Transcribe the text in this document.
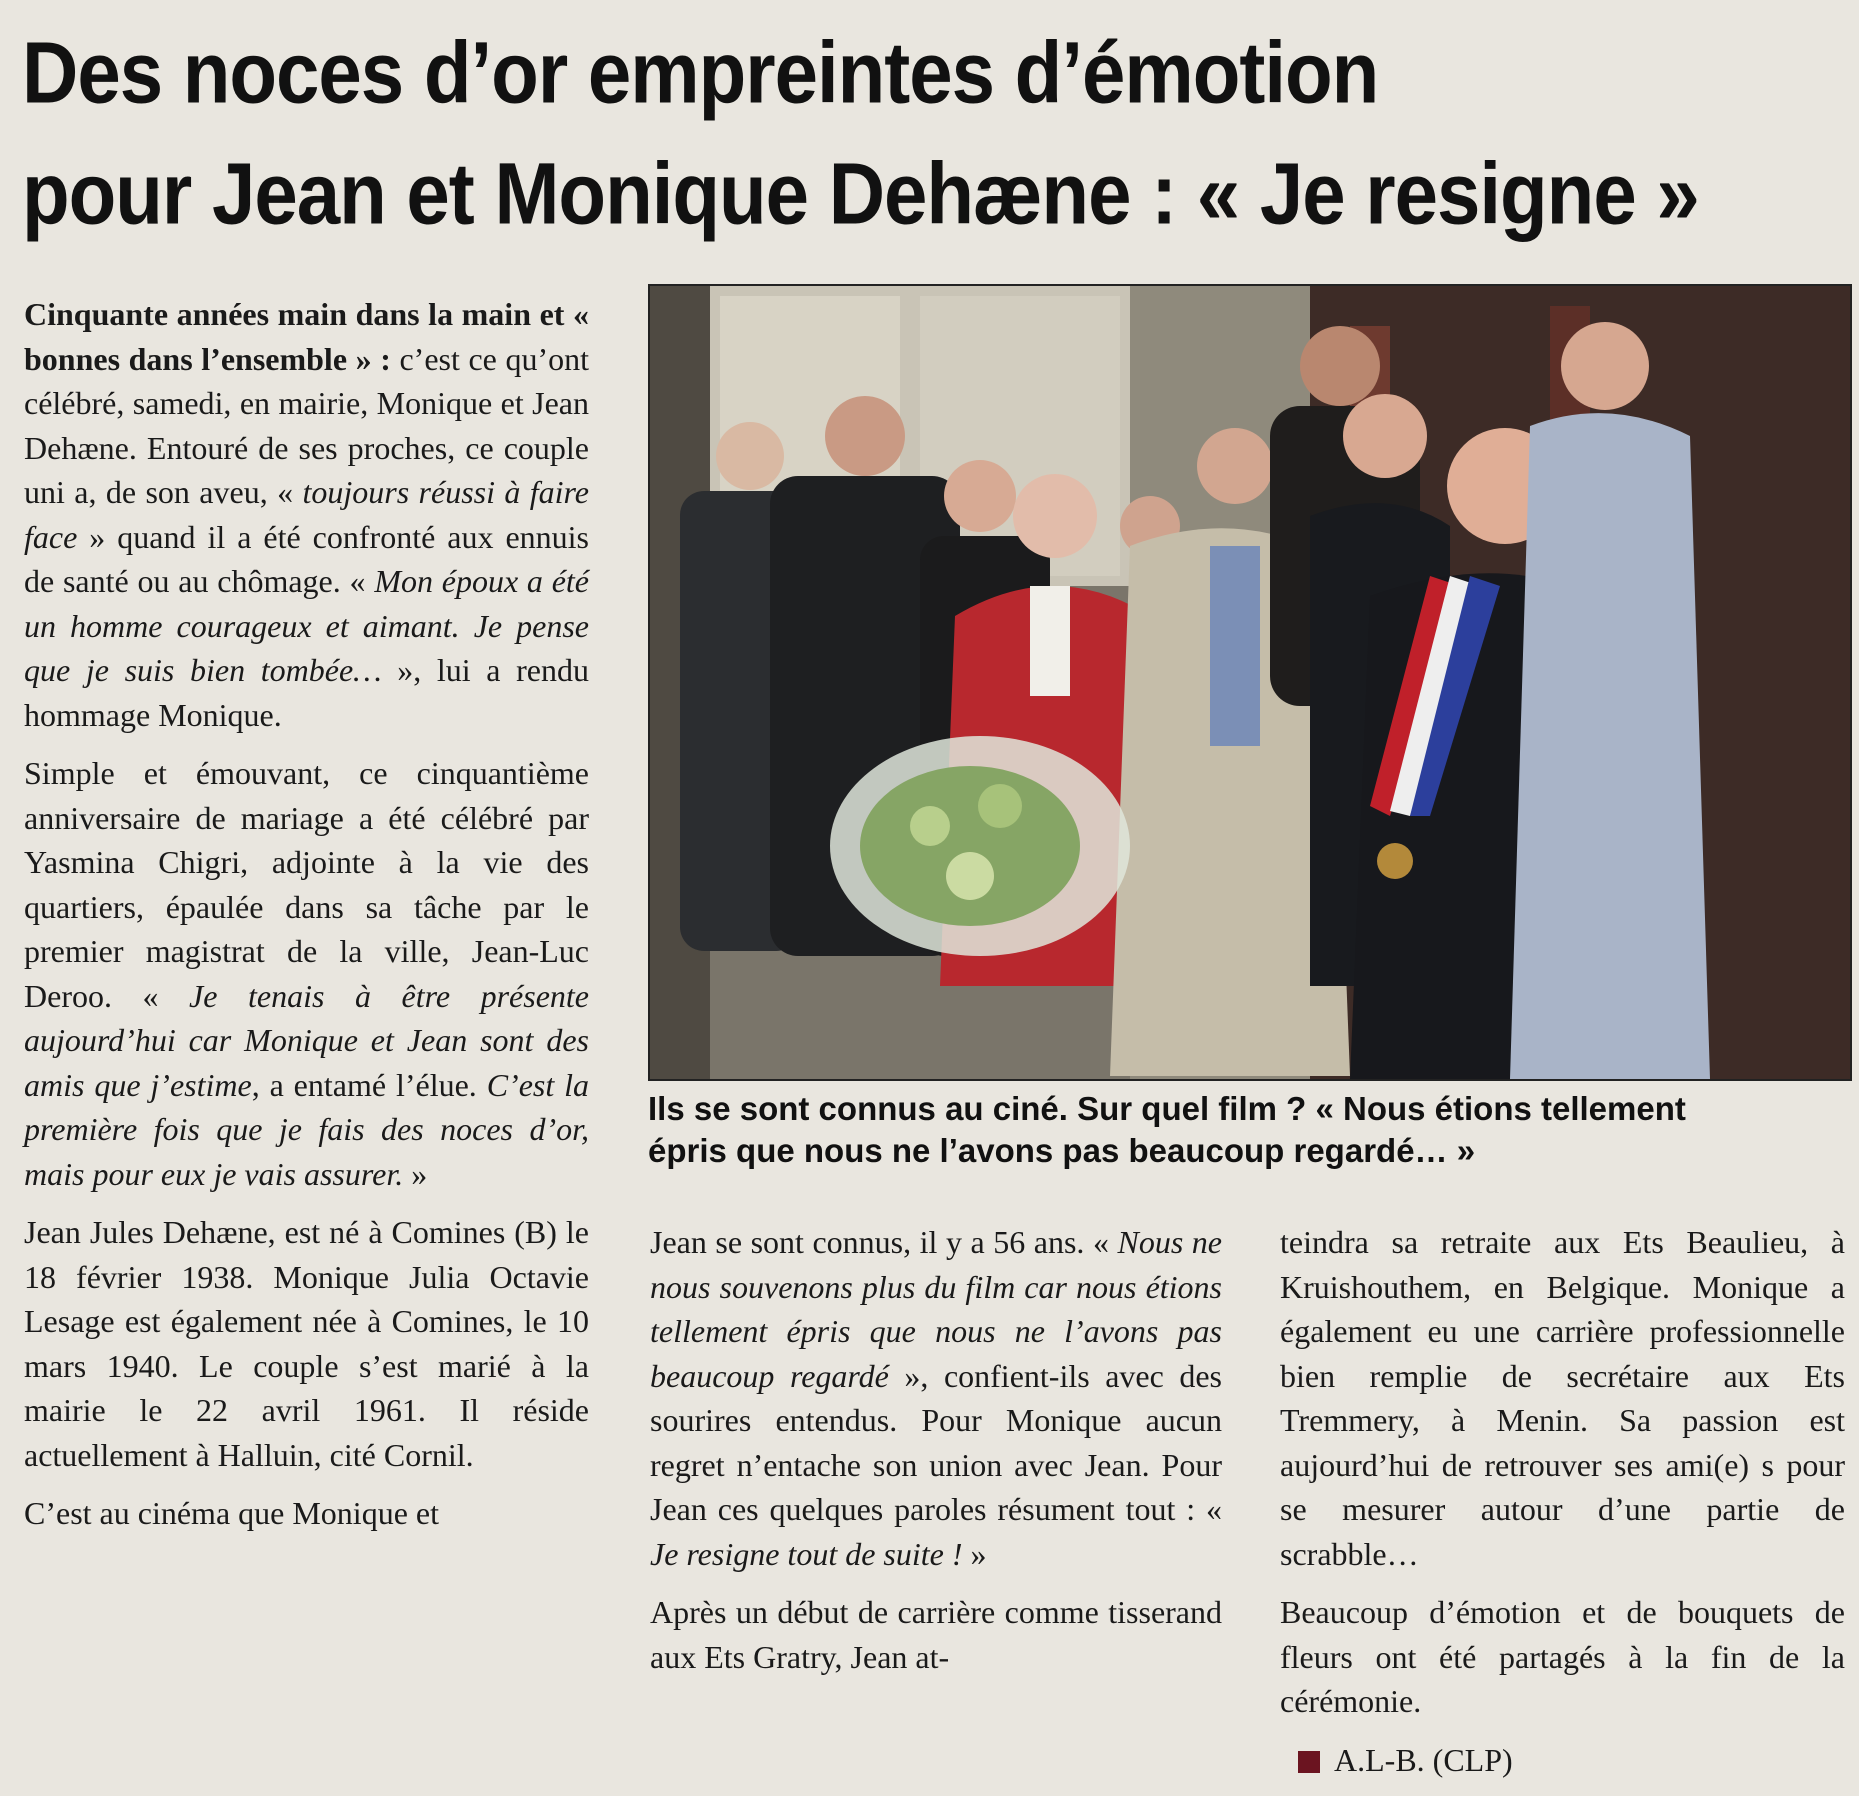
Des noces d’or empreintes d’émotion
pour Jean et Monique Dehæne : « Je resigne »

Cinquante années main dans la main et « bonnes dans l’ensemble » : c’est ce qu’ont célébré, samedi, en mairie, Monique et Jean Dehæne. Entouré de ses proches, ce couple uni a, de son aveu, « toujours réussi à faire face » quand il a été confronté aux ennuis de santé ou au chômage. « Mon époux a été un homme courageux et aimant. Je pense que je suis bien tombée… », lui a rendu hommage Monique.

Simple et émouvant, ce cinquantième anniversaire de mariage a été célébré par Yasmina Chigri, adjointe à la vie des quartiers, épaulée dans sa tâche par le premier magistrat de la ville, Jean-Luc Deroo. « Je tenais à être présente aujourd’hui car Monique et Jean sont des amis que j’estime, a entamé l’élue. C’est la première fois que je fais des noces d’or, mais pour eux je vais assurer. »

Jean Jules Dehæne, est né à Comines (B) le 18 février 1938. Monique Julia Octavie Lesage est également née à Comines, le 10 mars 1940. Le couple s’est marié à la mairie le 22 avril 1961. Il réside actuellement à Halluin, cité Cornil.

C’est au cinéma que Monique et

Ils se sont connus au ciné. Sur quel film ? « Nous étions tellement
épris que nous ne l’avons pas beaucoup regardé… »

Jean se sont connus, il y a 56 ans. « Nous ne nous souvenons plus du film car nous étions tellement épris que nous ne l’avons pas beaucoup regardé », confient-ils avec des sourires entendus. Pour Monique aucun regret n’entache son union avec Jean. Pour Jean ces quelques paroles résument tout : « Je resigne tout de suite ! »

Après un début de carrière comme tisserand aux Ets Gratry, Jean at-

teindra sa retraite aux Ets Beaulieu, à Kruishouthem, en Belgique. Monique a également eu une carrière professionnelle bien remplie de secrétaire aux Ets Tremmery, à Menin. Sa passion est aujourd’hui de retrouver ses ami(e) s pour se mesurer autour d’une partie de scrabble…

Beaucoup d’émotion et de bouquets de fleurs ont été partagés à la fin de la cérémonie.

A.L-B. (CLP)
